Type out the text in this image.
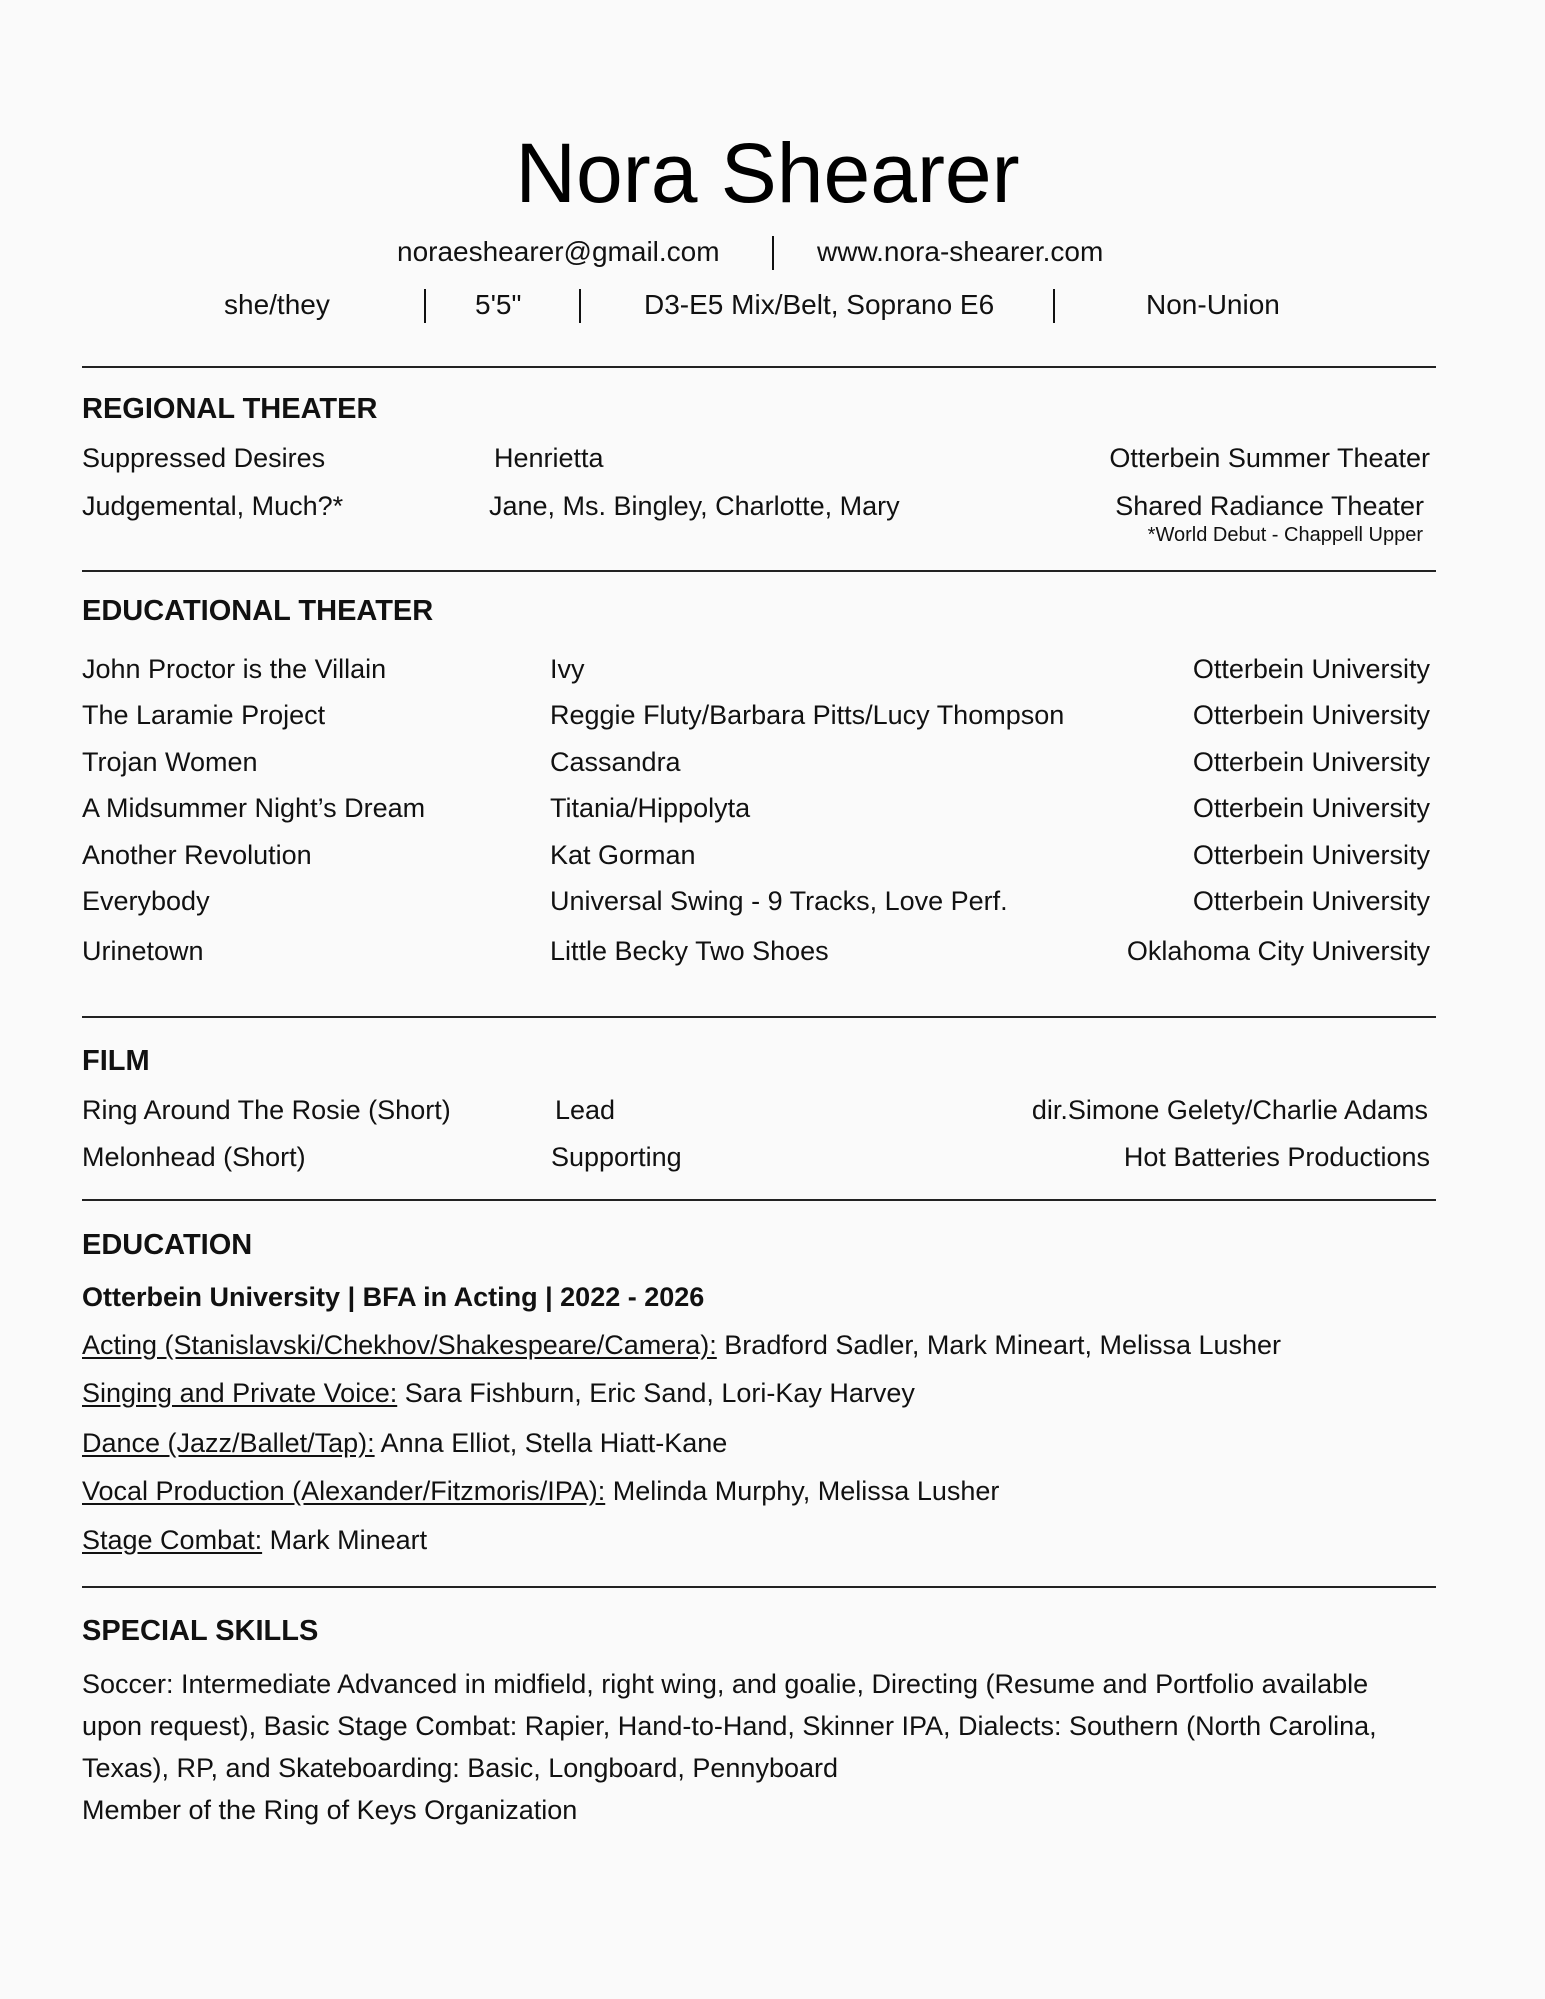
Nora Shearer
noraeshearer@gmail.com	www.nora-shearer.com
she/they	5'5"	D3-E5 Mix/Belt, Soprano E6	Non-Union
REGIONAL THEATER
Suppressed Desires	Henrietta	Otterbein Summer Theater
Judgemental, Much?*	Jane, Ms. Bingley, Charlotte, Mary	Shared Radiance Theater
*World Debut - Chappell Upper
EDUCATIONAL THEATER
John Proctor is the Villain	Ivy	Otterbein University
The Laramie Project	Reggie Fluty/Barbara Pitts/Lucy Thompson	Otterbein University
Trojan Women	Cassandra	Otterbein University
A Midsummer Night’s Dream	Titania/Hippolyta	Otterbein University
Another Revolution	Kat Gorman	Otterbein University
Everybody	Universal Swing - 9 Tracks, Love Perf.	Otterbein University
Urinetown	Little Becky Two Shoes	Oklahoma City University
FILM
Ring Around The Rosie (Short)	Lead	dir.Simone Gelety/Charlie Adams
Melonhead (Short)	Supporting	Hot Batteries Productions
EDUCATION
Otterbein University | BFA in Acting | 2022 - 2026
Acting (Stanislavski/Chekhov/Shakespeare/Camera): Bradford Sadler, Mark Mineart, Melissa Lusher
Singing and Private Voice: Sara Fishburn, Eric Sand, Lori-Kay Harvey
Dance (Jazz/Ballet/Tap): Anna Elliot, Stella Hiatt-Kane
Vocal Production (Alexander/Fitzmoris/IPA): Melinda Murphy, Melissa Lusher
Stage Combat: Mark Mineart
SPECIAL SKILLS
Soccer: Intermediate Advanced in midfield, right wing, and goalie, Directing (Resume and Portfolio available
upon request), Basic Stage Combat: Rapier, Hand-to-Hand, Skinner IPA, Dialects: Southern (North Carolina,
Texas), RP, and Skateboarding: Basic, Longboard, Pennyboard
Member of the Ring of Keys Organization
